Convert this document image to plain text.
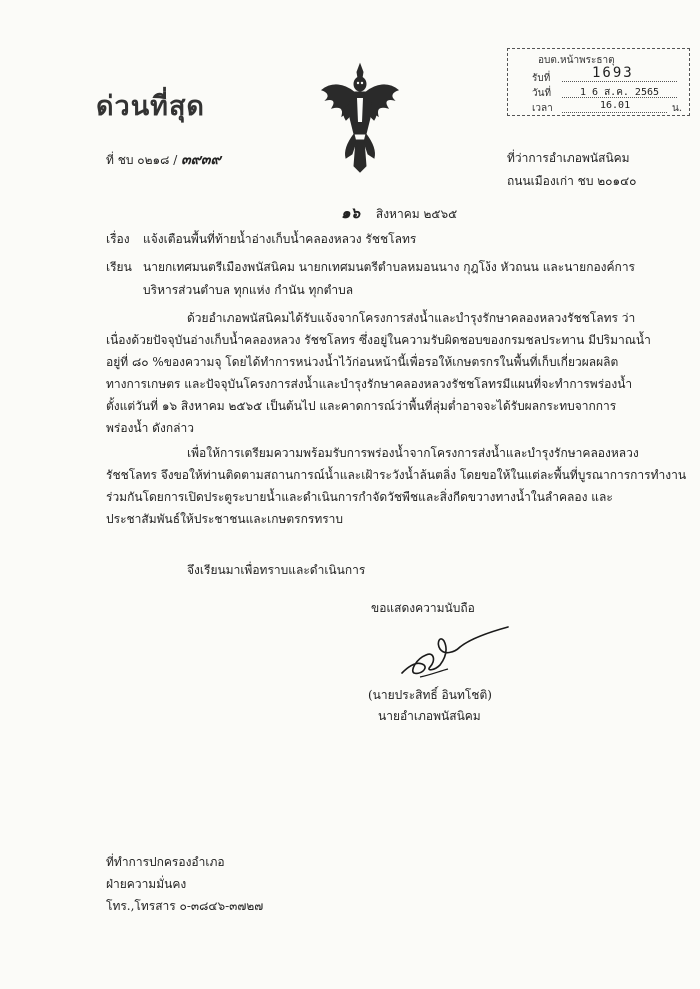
ด่วนที่สุด
อบต.หน้าพระธาตุ
รับที่	1693
วันที่	1 6 ส.ค. 2565
เวลา	16.01	น.
ที่ ชบ ๐๒๑๘ / ๓๙๓๙	ที่ว่าการอำเภอพนัสนิคม
ถนนเมืองเก่า ชบ ๒๐๑๔๐
๑๖ สิงหาคม ๒๕๖๕
เรื่อง แจ้งเตือนพื้นที่ท้ายน้ำอ่างเก็บน้ำคลองหลวง รัชชโลทร
เรียน นายกเทศมนตรีเมืองพนัสนิคม นายกเทศมนตรีตำบลหมอนนาง กุฎโง้ง หัวถนน และนายกองค์การ
บริหารส่วนตำบล ทุกแห่ง กำนัน ทุกตำบล
ด้วยอำเภอพนัสนิคมได้รับแจ้งจากโครงการส่งน้ำและบำรุงรักษาคลองหลวงรัชชโลทร ว่า
เนื่องด้วยปัจจุบันอ่างเก็บน้ำคลองหลวง รัชชโลทร ซึ่งอยู่ในความรับผิดชอบของกรมชลประทาน มีปริมาณน้ำ
อยู่ที่ ๘๐ %ของความจุ โดยได้ทำการหน่วงน้ำไว้ก่อนหน้านี้เพื่อรอให้เกษตรกรในพื้นที่เก็บเกี่ยวผลผลิต
ทางการเกษตร และปัจจุบันโครงการส่งน้ำและบำรุงรักษาคลองหลวงรัชชโลทรมีแผนที่จะทำการพร่องน้ำ
ตั้งแต่วันที่ ๑๖ สิงหาคม ๒๕๖๕ เป็นต้นไป และคาดการณ์ว่าพื้นที่ลุ่มต่ำอาจจะได้รับผลกระทบจากการ
พร่องน้ำ ดังกล่าว
เพื่อให้การเตรียมความพร้อมรับการพร่องน้ำจากโครงการส่งน้ำและบำรุงรักษาคลองหลวง
รัชชโลทร จึงขอให้ท่านติดตามสถานการณ์น้ำและเฝ้าระวังน้ำล้นตลิ่ง โดยขอให้ในแต่ละพื้นที่บูรณาการการทำงาน
ร่วมกันโดยการเปิดประตูระบายน้ำและดำเนินการกำจัดวัชพืชและสิ่งกีดขวางทางน้ำในลำคลอง และ
ประชาสัมพันธ์ให้ประชาชนและเกษตรกรทราบ
จึงเรียนมาเพื่อทราบและดำเนินการ
ขอแสดงความนับถือ
(นายประสิทธิ์ อินทโชติ)
นายอำเภอพนัสนิคม
ที่ทำการปกครองอำเภอ
ฝ่ายความมั่นคง
โทร.,โทรสาร ๐-๓๘๔๖-๓๗๒๗
